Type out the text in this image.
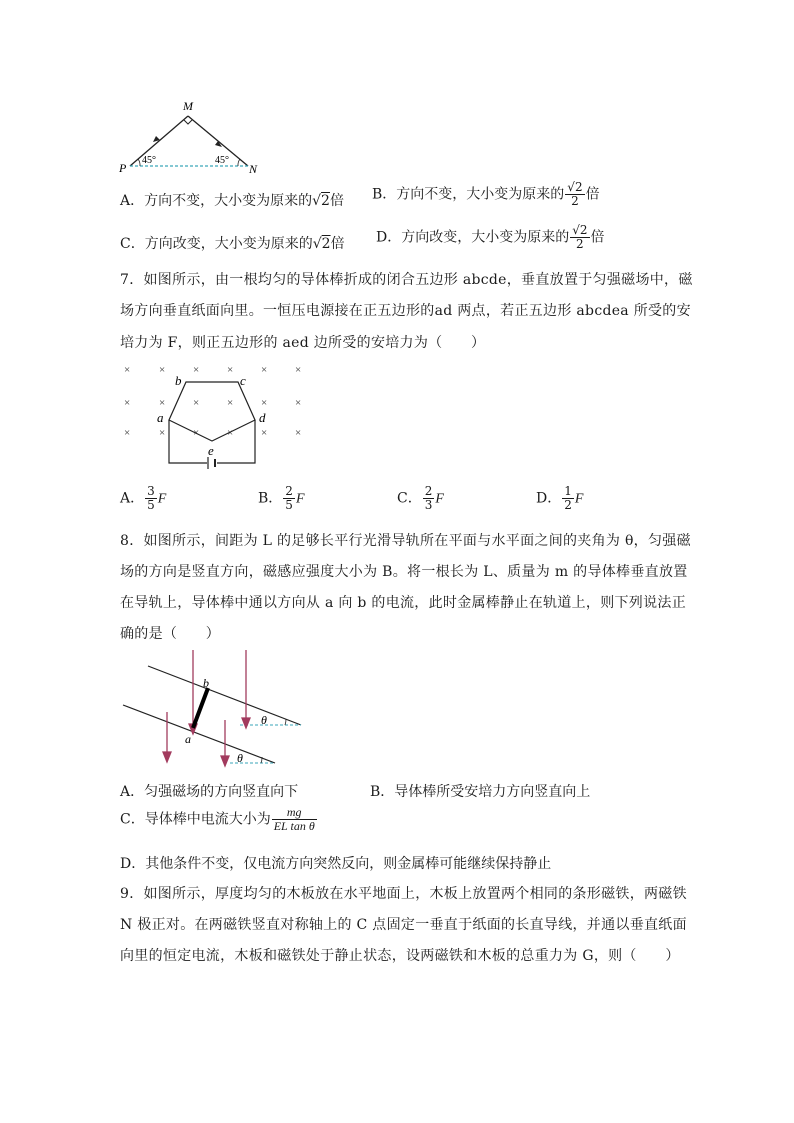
M
P	N
45°	45°
A．方向不变，大小变为原来的√2倍 B．方向不变，大小变为原来的 $\frac{√2}{2}$ 倍
C．方向改变，大小变为原来的√2倍 D．方向改变，大小变为原来的 $\frac{√2}{2}$ 倍
7．如图所示，由一根均匀的导体棒折成的闭合五边形 abcde，垂直放置于匀强磁场中，磁
场方向垂直纸面向里。一恒压电源接在正五边形的ad 两点，若正五边形 abcdea 所受的安
培力为 F，则正五边形的 aed 边所受的安培力为（　　）
×	×	×	×	×	×
×	×	×	×	×	×
×	×	×	×	×	×
a
b	c
d
e
A． $\frac{3}{5}$ F	B． $\frac{2}{5}$ F	C． $\frac{2}{3}$ F	D． $\frac{1}{2}$ F
8．如图所示，间距为 L 的足够长平行光滑导轨所在平面与水平面之间的夹角为 θ，匀强磁
场的方向是竖直方向，磁感应强度大小为 B。将一根长为 L、质量为 m 的导体棒垂直放置
在导轨上，导体棒中通以方向从 a 向 b 的电流，此时金属棒静止在轨道上，则下列说法正
确的是（　　）
b
a
θ
θ
A．匀强磁场的方向竖直向下	B．导体棒所受安培力方向竖直向上
C．导体棒中电流大小为 $\frac{mg}{\text{EL tan θ}}$
D．其他条件不变，仅电流方向突然反向，则金属棒可能继续保持静止
9．如图所示，厚度均匀的木板放在水平地面上，木板上放置两个相同的条形磁铁，两磁铁
N 极正对。在两磁铁竖直对称轴上的 C 点固定一垂直于纸面的长直导线，并通以垂直纸面
向里的恒定电流，木板和磁铁处于静止状态，设两磁铁和木板的总重力为 G，则（　　）
